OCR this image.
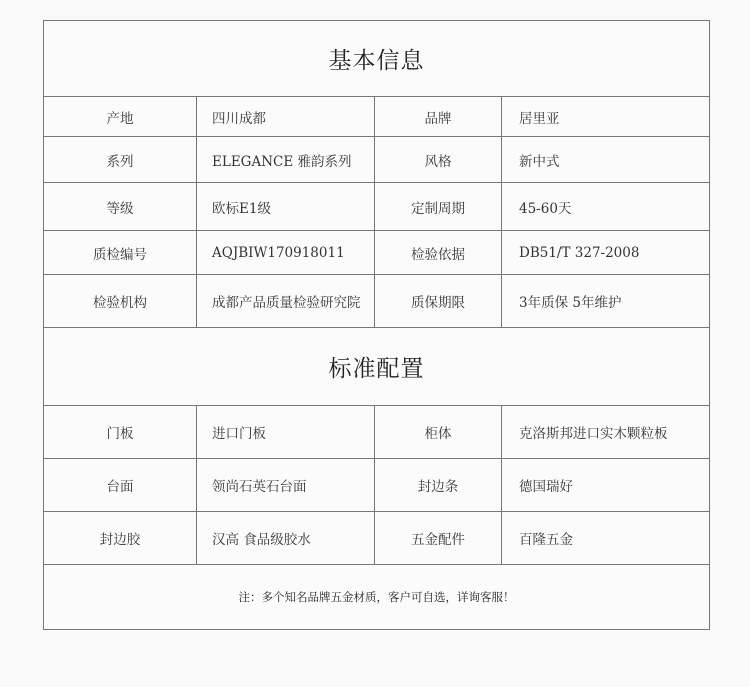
基本信息
产地	四川成都	品牌	居里亚
系列	ELEGANCE 雅韵系列	风格	新中式
等级	欧标E1级	定制周期	45-60天
质检编号	AQJBIW170918011	检验依据	DB51/T 327-2008
检验机构	成都产品质量检验研究院	质保期限	3年质保 5年维护
标准配置
门板	进口门板	柜体	克洛斯邦进口实木颗粒板
台面	领尚石英石台面	封边条	德国瑞好
封边胶	汉高 食品级胶水	五金配件	百隆五金
注：多个知名品牌五金材质，客户可自选，详询客服！
